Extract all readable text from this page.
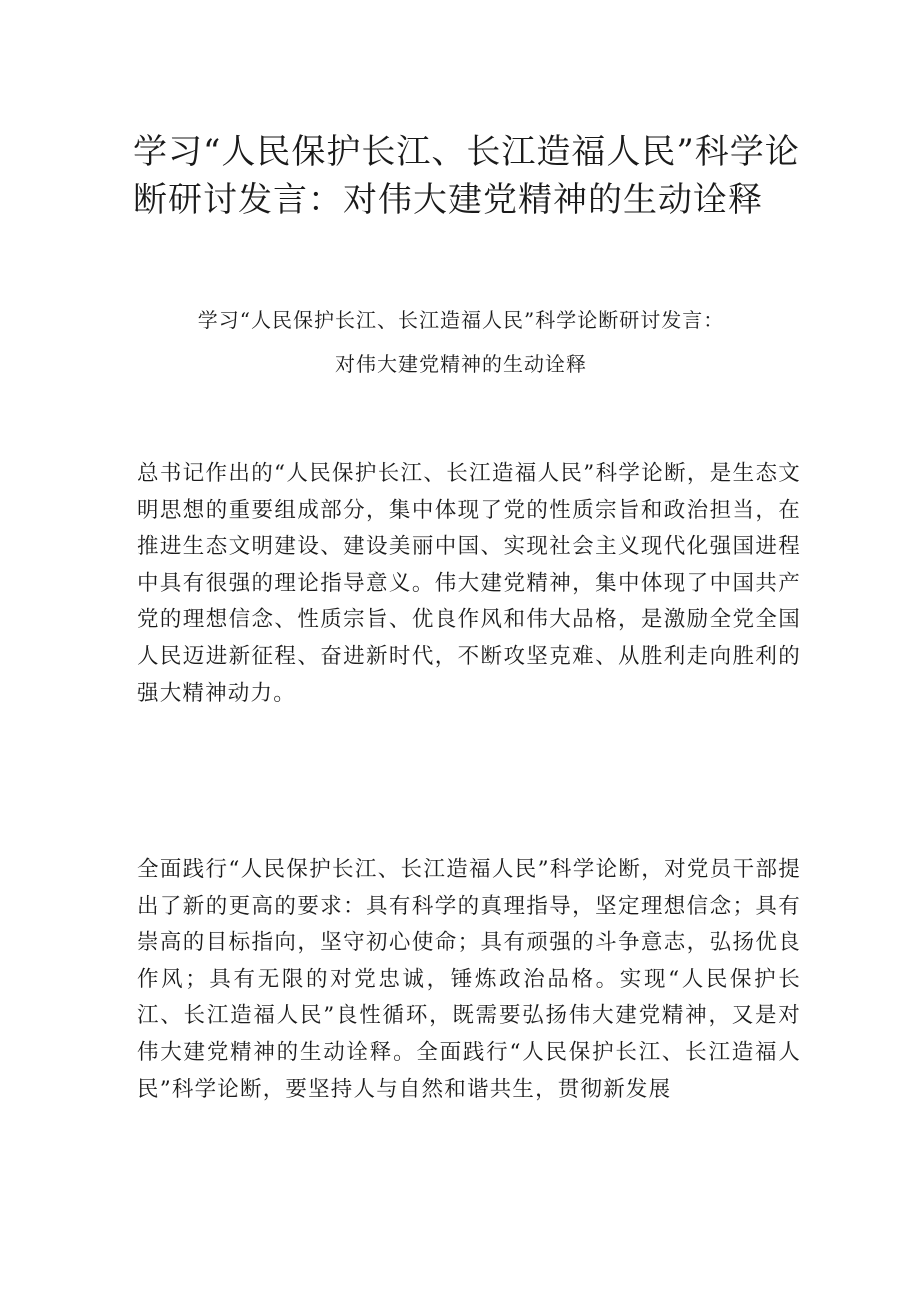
学习“人民保护长江、长江造福人民”科学论断研讨发言：对伟大建党精神的生动诠释

学习“人民保护长江、长江造福人民”科学论断研讨发言：

对伟大建党精神的生动诠释

总书记作出的“人民保护长江、长江造福人民”科学论断，是生态文明思想的重要组成部分，集中体现了党的性质宗旨和政治担当，在推进生态文明建设、建设美丽中国、实现社会主义现代化强国进程中具有很强的理论指导意义。伟大建党精神，集中体现了中国共产党的理想信念、性质宗旨、优良作风和伟大品格，是激励全党全国人民迈进新征程、奋进新时代，不断攻坚克难、从胜利走向胜利的强大精神动力。

全面践行“人民保护长江、长江造福人民”科学论断，对党员干部提出了新的更高的要求：具有科学的真理指导，坚定理想信念；具有崇高的目标指向，坚守初心使命；具有顽强的斗争意志，弘扬优良作风；具有无限的对党忠诚，锤炼政治品格。实现“人民保护长江、长江造福人民”良性循环，既需要弘扬伟大建党精神，又是对伟大建党精神的生动诠释。全面践行“人民保护长江、长江造福人民”科学论断，要坚持人与自然和谐共生，贯彻新发展
